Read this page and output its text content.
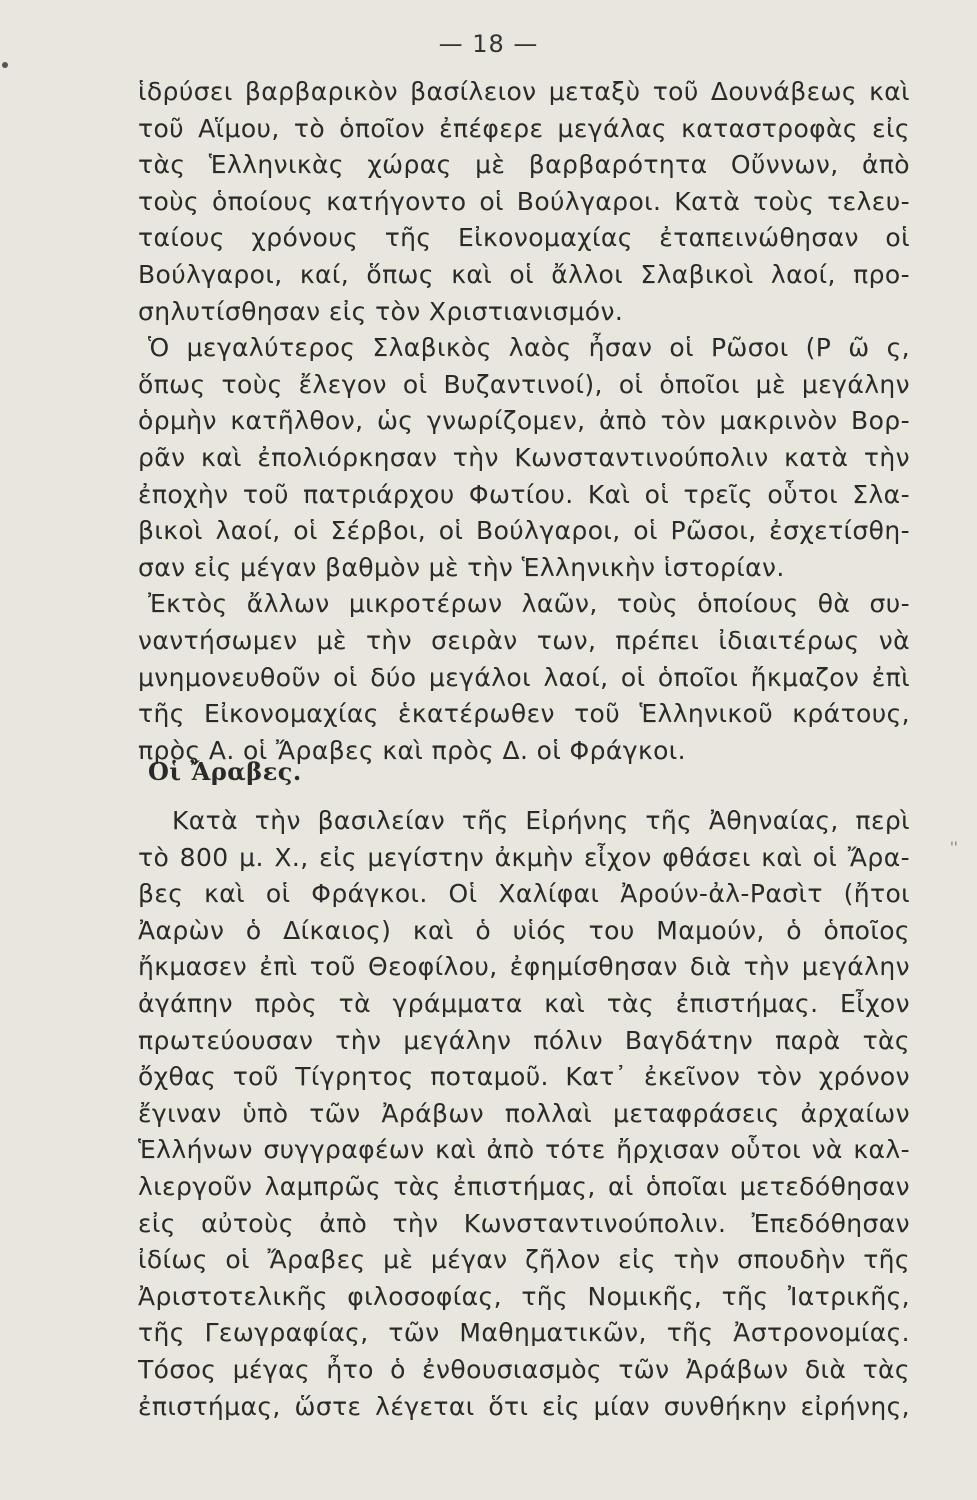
''
— 18 —
ἱδρύσει βαρβαρικὸν βασίλειον μεταξὺ τοῦ Δουνάβεως καὶ
τοῦ Αἵμου, τὸ ὁποῖον ἐπέφερε μεγάλας καταστροφὰς εἰς
τὰς Ἑλληνικὰς χώρας μὲ βαρβαρότητα Οὔννων, ἀπὸ
τοὺς ὁποίους κατήγοντο οἱ Βούλγαροι. Κατὰ τοὺς τελευ-
ταίους χρόνους τῆς Εἰκονομαχίας ἐταπεινώθησαν οἱ
Βούλγαροι, καί, ὅπως καὶ οἱ ἄλλοι Σλαβικοὶ λαοί, προ-
σηλυτίσθησαν εἰς τὸν Χριστιανισμόν.
Ὁ μεγαλύτερος Σλαβικὸς λαὸς ἦσαν οἱ Ρῶσοι (Ρ ῶ ς,
ὅπως τοὺς ἔλεγον οἱ Βυζαντινοί), οἱ ὁποῖοι μὲ μεγάλην
ὁρμὴν κατῆλθον, ὡς γνωρίζομεν, ἀπὸ τὸν μακρινὸν Βορ-
ρᾶν καὶ ἐπολιόρκησαν τὴν Κωνσταντινούπολιν κατὰ τὴν
ἐποχὴν τοῦ πατριάρχου Φωτίου. Καὶ οἱ τρεῖς οὗτοι Σλα-
βικοὶ λαοί, οἱ Σέρβοι, οἱ Βούλγαροι, οἱ Ρῶσοι, ἐσχετίσθη-
σαν εἰς μέγαν βαθμὸν μὲ τὴν Ἑλληνικὴν ἱστορίαν.
Ἐκτὸς ἄλλων μικροτέρων λαῶν, τοὺς ὁποίους θὰ συ-
ναντήσωμεν μὲ τὴν σειρὰν των, πρέπει ἰδιαιτέρως νὰ
μνημονευθοῦν οἱ δύο μεγάλοι λαοί, οἱ ὁποῖοι ἤκμαζον ἐπὶ
τῆς Εἰκονομαχίας ἑκατέρωθεν τοῦ Ἑλληνικοῦ κράτους,
πρὸς Α. οἱ Ἄραβες καὶ πρὸς Δ. οἱ Φράγκοι.
Οἱ Ἄραβες.
Κατὰ τὴν βασιλείαν τῆς Εἰρήνης τῆς Ἀθηναίας, περὶ
τὸ 800 μ. Χ., εἰς μεγίστην ἀκμὴν εἶχον φθάσει καὶ οἱ Ἄρα-
βες καὶ οἱ Φράγκοι. Οἱ Χαλίφαι Ἀρούν-ἀλ-Ρασὶτ (ἤτοι
Ἀαρὼν ὁ Δίκαιος) καὶ ὁ υἱός του Μαμούν, ὁ ὁποῖος
ἤκμασεν ἐπὶ τοῦ Θεοφίλου, ἐφημίσθησαν διὰ τὴν μεγάλην
ἀγάπην πρὸς τὰ γράμματα καὶ τὰς ἐπιστήμας. Εἶχον
πρωτεύουσαν τὴν μεγάλην πόλιν Βαγδάτην παρὰ τὰς
ὄχθας τοῦ Τίγρητος ποταμοῦ. Κατ᾽ ἐκεῖνον τὸν χρόνον
ἔγιναν ὑπὸ τῶν Ἀράβων πολλαὶ μεταφράσεις ἀρχαίων
Ἑλλήνων συγγραφέων καὶ ἀπὸ τότε ἤρχισαν οὗτοι νὰ καλ-
λιεργοῦν λαμπρῶς τὰς ἐπιστήμας, αἱ ὁποῖαι μετεδόθησαν
εἰς αὐτοὺς ἀπὸ τὴν Κωνσταντινούπολιν. Ἐπεδόθησαν
ἰδίως οἱ Ἄραβες μὲ μέγαν ζῆλον εἰς τὴν σπουδὴν τῆς
Ἀριστοτελικῆς φιλοσοφίας, τῆς Νομικῆς, τῆς Ἰατρικῆς,
τῆς Γεωγραφίας, τῶν Μαθηματικῶν, τῆς Ἀστρονομίας.
Τόσος μέγας ἦτο ὁ ἐνθουσιασμὸς τῶν Ἀράβων διὰ τὰς
ἐπιστήμας, ὥστε λέγεται ὅτι εἰς μίαν συνθήκην εἰρήνης,
